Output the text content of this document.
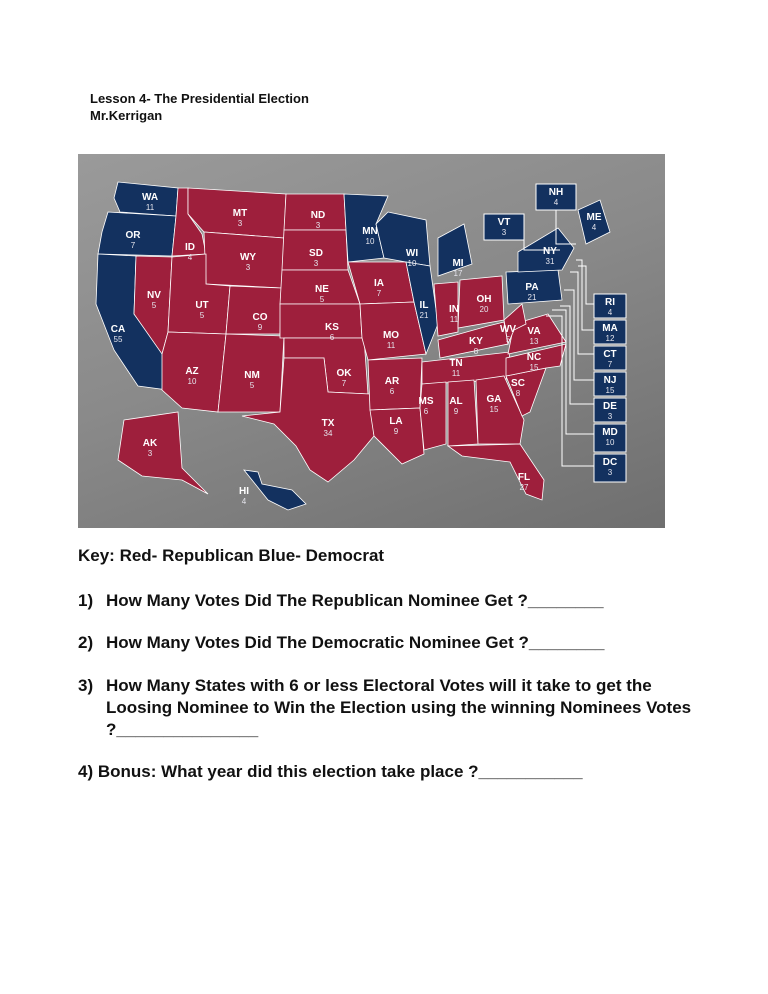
Lesson 4- The Presidential Election
Mr.Kerrigan
NH
4
VT
3
RI
4
MA
12
CT
7
NJ
15
DE
3
MD
10
DC
3
WA
11
OR
7
CA
55
NV
5
ID
4
MT
3
WY
3
UT
5	CO
9
AZ
10
NM
5
ND
3
SD
3
NE
5
KS
6
OK
7
TX
34
MN
10
IA
7
MO
11
AR
6
LA
9
WI
10
IL
21
MI
17
IN
11
OH
20
KY
8
TN
11
MS
6
AL
9
GA
15
FL
27
SC
8
NC
15
VA
13
WV
5
PA
21
NY
31
ME
4
AK
3
HI
4
Key: Red- Republican Blue- Democrat
1) How Many Votes Did The Republican Nominee Get ?________
2) How Many Votes Did The Democratic Nominee Get ?________
3) How Many States with 6 or less Electoral Votes will it take to get the
Loosing Nominee to Win the Election using the winning Nominees Votes
?_______________
4) Bonus: What year did this election take place ?___________
